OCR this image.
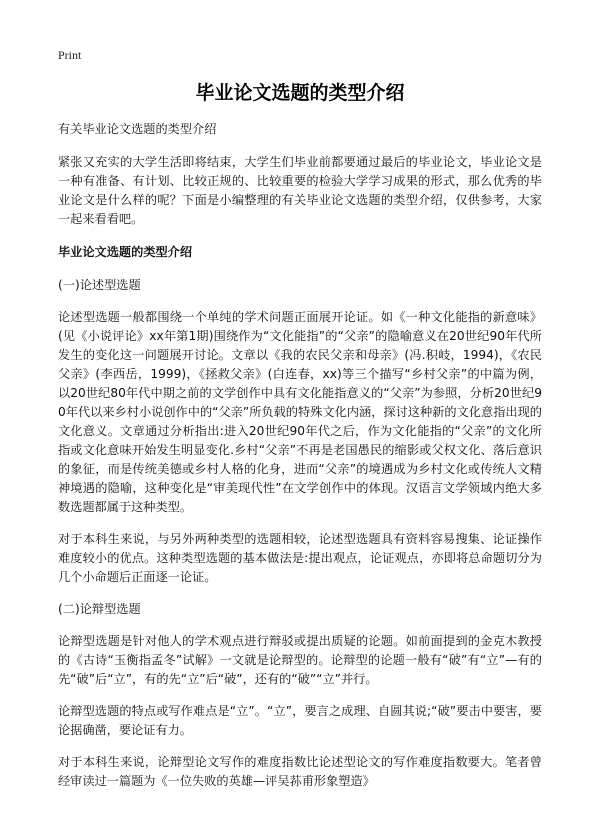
Print
毕业论文选题的类型介绍

有关毕业论文选题的类型介绍

紧张又充实的大学生活即将结束，大学生们毕业前都要通过最后的毕业论文，毕业论文是一种有准备、有计划、比较正规的、比较重要的检验大学学习成果的形式，那么优秀的毕业论文是什么样的呢？下面是小编整理的有关毕业论文选题的类型介绍，仅供参考，大家一起来看看吧。

毕业论文选题的类型介绍

(一)论述型选题

论述型选题一般都围绕一个单纯的学术问题正面展开论证。如《一种文化能指的新意味》(见《小说评论》xx年第1期)围绕作为“文化能指”的“父亲”的隐喻意义在20世纪90年代所发生的变化这一问题展开讨论。文章以《我的农民父亲和母亲》(冯.积岐，1994)，《农民父亲》(李西岳，1999)，《拯救父亲》(白连春，xx)等三个描写“乡村父亲”的中篇为例，以20世纪80年代中期之前的文学创作中具有文化能指意义的“父亲”为参照，分析20世纪90年代以来乡村小说创作中的“父亲”所负载的特殊文化内涵，探讨这种新的文化意指出现的文化意义。文章通过分析指出:进入20世纪90年代之后，作为文化能指的“父亲”的文化所指或文化意味开始发生明显变化.乡村“父亲”不再是老国愚民的缩影或父权文化、落后意识的象征，而是传统美德或乡村人格的化身，进而“父亲”的境遇成为乡村文化或传统人文精神境遇的隐喻，这种变化是“审美现代性”在文学创作中的体现。汉语言文学领域内绝大多数选题都属于这种类型。

对于本科生来说，与另外两种类型的选题相较，论述型选题具有资料容易搜集、论证操作难度较小的优点。这种类型选题的基本做法是:提出观点，论证观点，亦即将总命题切分为几个小命题后正面逐一论证。

(二)论辩型选题

论辩型选题是针对他人的学术观点进行辩驳或提出质疑的论题。如前面提到的金克木教授的《古诗“玉衡指孟冬”试解》一文就是论辩型的。论辩型的论题一般有“破”有“立”—有的先“破”后“立”，有的先“立”后“破”，还有的“破”“立”并行。

论辩型选题的特点或写作难点是“立”。“立”，要言之成理、自圆其说;“破”要击中要害，要论据确凿，要论证有力。

对于本科生来说，论辩型论文写作的难度指数比论述型论文的写作难度指数要大。笔者曾经审读过一篇题为《一位失败的英雄—评吴荪甫形象塑造》
